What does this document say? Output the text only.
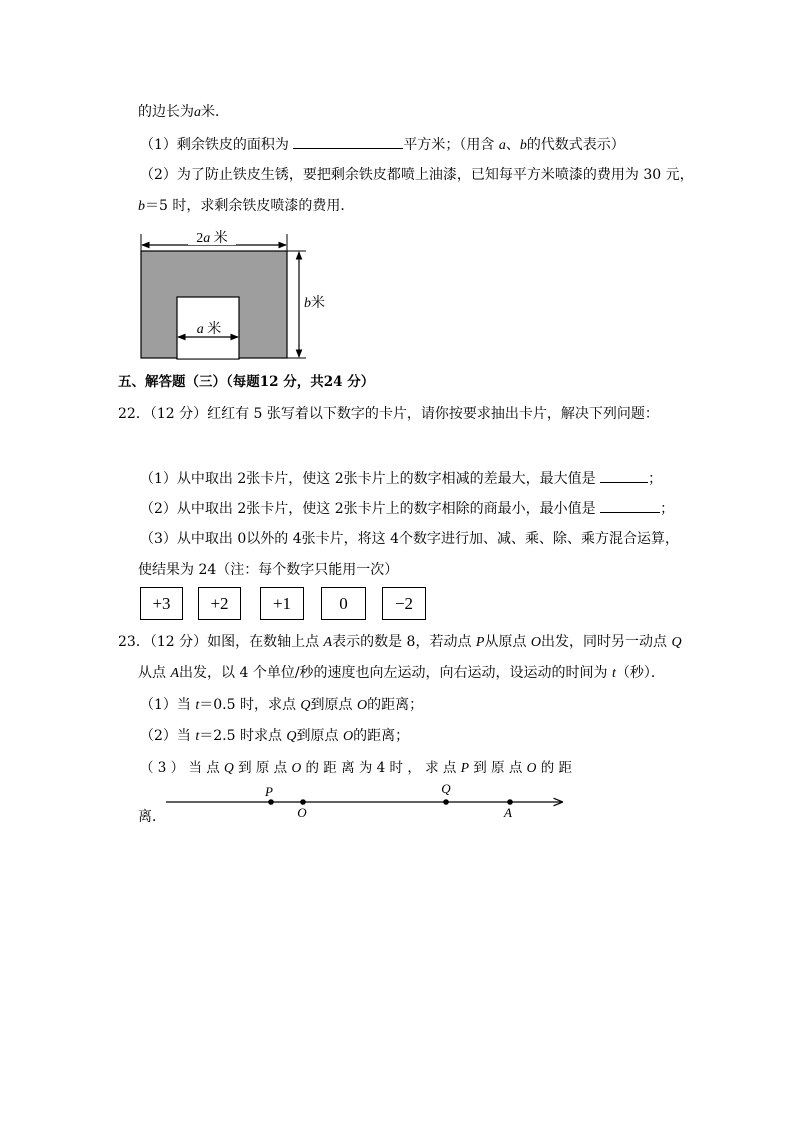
的边长为a米．
（1）剩余铁皮的面积为	平方米；（用含 a、b的代数式表示）
（2）为了防止铁皮生锈，要把剩余铁皮都喷上油漆，已知每平方米喷漆的费用为 30 元，
b＝5 时，求剩余铁皮喷漆的费用．
2a 米
a 米
b米
五、解答题（三）（每题12 分，共24 分）
22．（12 分）红红有 5 张写着以下数字的卡片，请你按要求抽出卡片，解决下列问题：
（1）从中取出 2张卡片，使这 2张卡片上的数字相减的差最大，最大值是	；
（2）从中取出 2张卡片，使这 2张卡片上的数字相除的商最小，最小值是	；
（3）从中取出 0以外的 4张卡片，将这 4个数字进行加、减、乘、除、乘方混合运算，
使结果为 24（注：每个数字只能用一次）
+3	+2	+1	0	−2
23．（12 分）如图，在数轴上点 A表示的数是 8，若动点 P从原点 O出发，同时另一动点 Q
从点 A出发，以 4 个单位/秒的速度也向左运动，向右运动，设运动的时间为 t（秒）．
（1）当 t＝0.5 时，求点 Q到原点 O的距离；
（2）当 t＝2.5 时求点 Q到原点 O的距离；
（ 3 ） 当 点 Q 到 原 点 O 的 距 离 为 4 时 ， 求 点 P 到 原 点 O 的 距
离．
P
O
Q
A
